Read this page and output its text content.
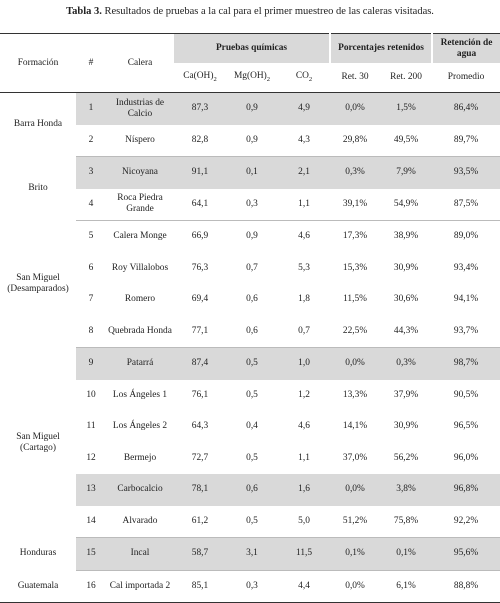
Tabla 3. Resultados de pruebas a la cal para el primer muestreo de las caleras visitadas.
Formación	#	Calera	Pruebas químicas			Porcentajes retenidos		Retención de agua
			$Ca(OH)_2$	$Mg(OH)_2$	$CO_2$	Ret. 30	Ret. 200	Promedio
Barra Honda	1	Industrias de Calcio	87,3	0,9	4,9	0,0%	1,5%	86,4%
	2	Níspero	82,8	0,9	4,3	29,8%	49,5%	89,7%
Brito	3	Nicoyana	91,1	0,1	2,1	0,3%	7,9%	93,5%
	4	Roca Piedra Grande	64,1	0,3	1,1	39,1%	54,9%	87,5%
San Miguel (Desamparados)	5	Calera Monge	66,9	0,9	4,6	17,3%	38,9%	89,0%
	6	Roy Villalobos	76,3	0,7	5,3	15,3%	30,9%	93,4%
	7	Romero	69,4	0,6	1,8	11,5%	30,6%	94,1%
	8	Quebrada Honda	77,1	0,6	0,7	22,5%	44,3%	93,7%
San Miguel (Cartago)	9	Patarrá	87,4	0,5	1,0	0,0%	0,3%	98,7%
	10	Los Ángeles 1	76,1	0,5	1,2	13,3%	37,9%	90,5%
	11	Los Ángeles 2	64,3	0,4	4,6	14,1%	30,9%	96,5%
	12	Bermejo	72,7	0,5	1,1	37,0%	56,2%	96,0%
	13	Carbocalcio	78,1	0,6	1,6	0,0%	3,8%	96,8%
	14	Alvarado	61,2	0,5	5,0	51,2%	75,8%	92,2%
Honduras	15	Incal	58,7	3,1	11,5	0,1%	0,1%	95,6%
Guatemala	16	Cal importada 2	85,1	0,3	4,4	0,0%	6,1%	88,8%
